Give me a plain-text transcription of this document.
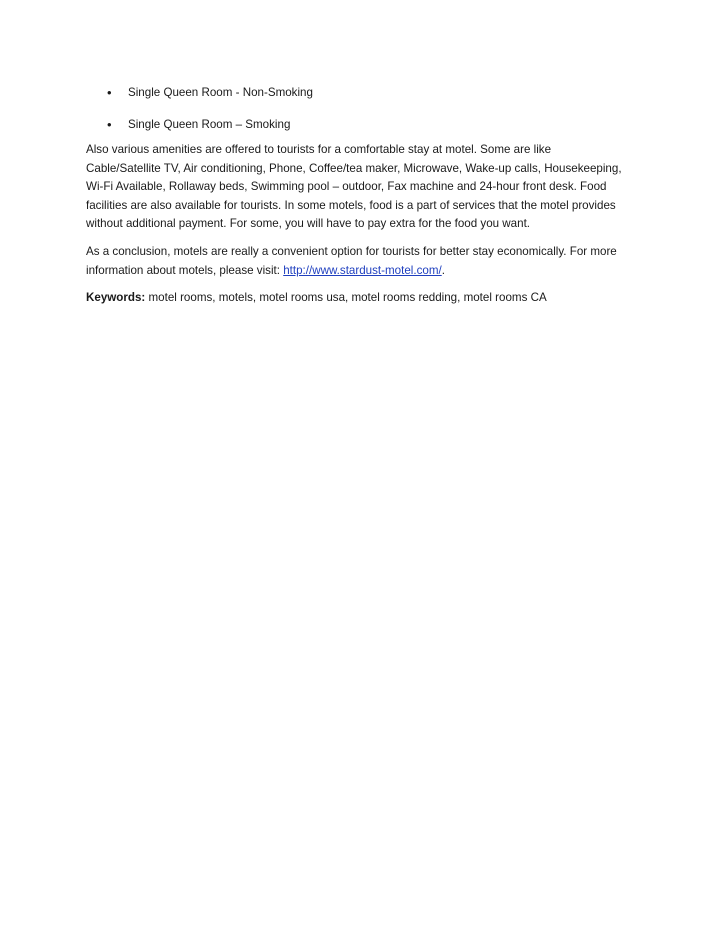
• Single Queen Room - Non-Smoking
• Single Queen Room – Smoking

Also various amenities are offered to tourists for a comfortable stay at motel. Some are like
Cable/Satellite TV, Air conditioning, Phone, Coffee/tea maker, Microwave, Wake-up calls, Housekeeping,
Wi-Fi Available, Rollaway beds, Swimming pool – outdoor, Fax machine and 24-hour front desk. Food
facilities are also available for tourists. In some motels, food is a part of services that the motel provides
without additional payment. For some, you will have to pay extra for the food you want.

As a conclusion, motels are really a convenient option for tourists for better stay economically. For more
information about motels, please visit: http://www.stardust-motel.com/.

Keywords: motel rooms, motels, motel rooms usa, motel rooms redding, motel rooms CA
